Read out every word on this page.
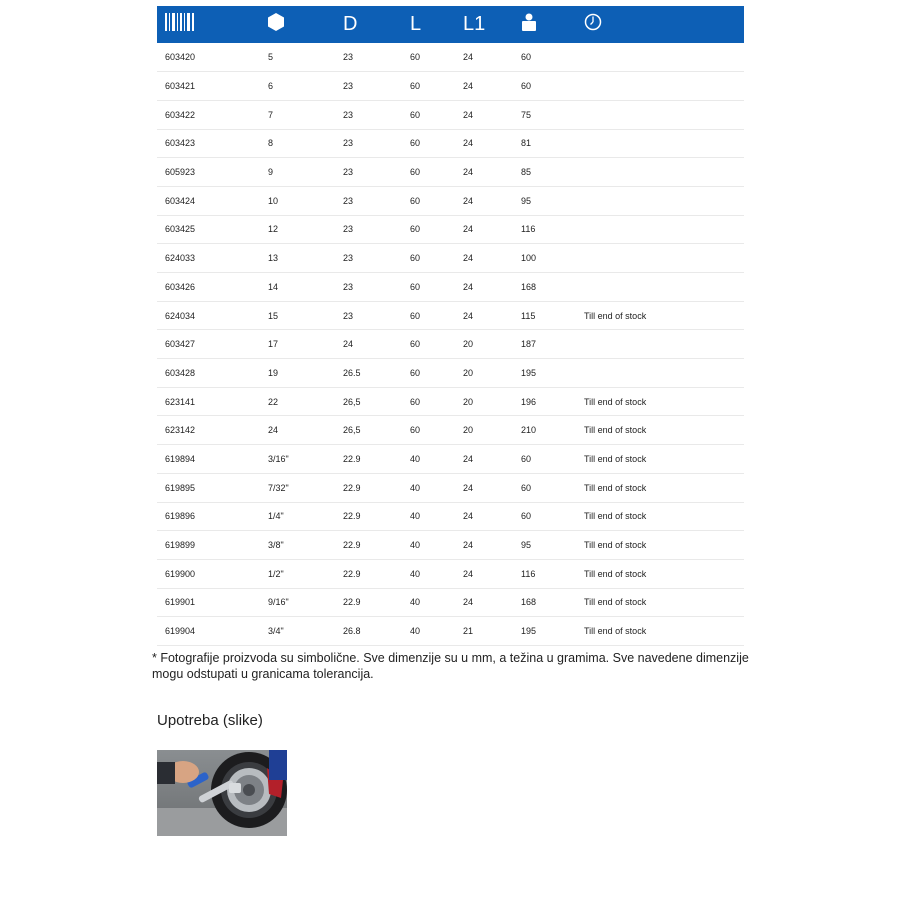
		D	L	L1		
603420	5	23	60	24	60	
603421	6	23	60	24	60	
603422	7	23	60	24	75	
603423	8	23	60	24	81	
605923	9	23	60	24	85	
603424	10	23	60	24	95	
603425	12	23	60	24	116	
624033	13	23	60	24	100	
603426	14	23	60	24	168	
624034	15	23	60	24	115	Till end of stock
603427	17	24	60	20	187	
603428	19	26.5	60	20	195	
623141	22	26,5	60	20	196	Till end of stock
623142	24	26,5	60	20	210	Till end of stock
619894	3/16"	22.9	40	24	60	Till end of stock
619895	7/32"	22.9	40	24	60	Till end of stock
619896	1/4"	22.9	40	24	60	Till end of stock
619899	3/8"	22.9	40	24	95	Till end of stock
619900	1/2"	22.9	40	24	116	Till end of stock
619901	9/16"	22.9	40	24	168	Till end of stock
619904	3/4"	26.8	40	21	195	Till end of stock
* Fotografije proizvoda su simbolične. Sve dimenzije su u mm, a težina u gramima. Sve navedene dimenzije mogu odstupati u granicama tolerancija.
Upotreba (slike)
